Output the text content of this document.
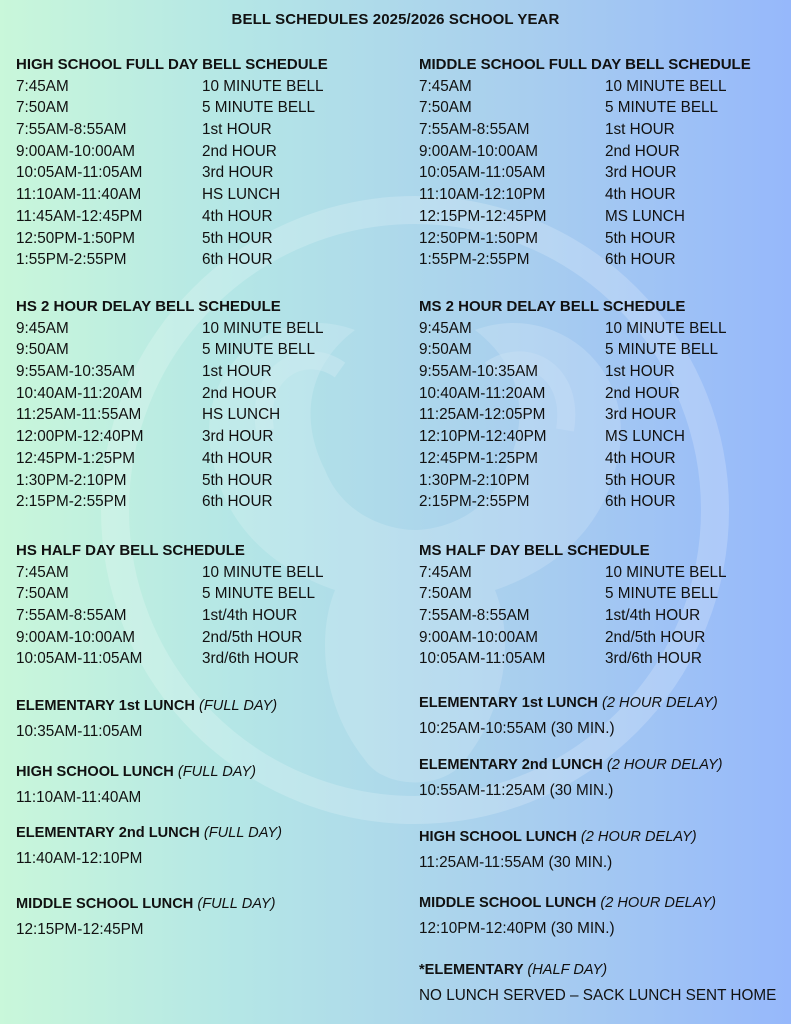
BELL SCHEDULES 2025/2026 SCHOOL YEAR
HIGH SCHOOL FULL DAY BELL SCHEDULE
7:45AM	10 MINUTE BELL
7:50AM	5 MINUTE BELL
7:55AM-8:55AM	1st HOUR
9:00AM-10:00AM	2nd HOUR
10:05AM-11:05AM	3rd HOUR
11:10AM-11:40AM	HS LUNCH
11:45AM-12:45PM	4th HOUR
12:50PM-1:50PM	5th HOUR
1:55PM-2:55PM	6th HOUR
HS 2 HOUR DELAY BELL SCHEDULE
9:45AM	10 MINUTE BELL
9:50AM	5 MINUTE BELL
9:55AM-10:35AM	1st HOUR
10:40AM-11:20AM	2nd HOUR
11:25AM-11:55AM	HS LUNCH
12:00PM-12:40PM	3rd HOUR
12:45PM-1:25PM	4th HOUR
1:30PM-2:10PM	5th HOUR
2:15PM-2:55PM	6th HOUR
HS HALF DAY BELL SCHEDULE
7:45AM	10 MINUTE BELL
7:50AM	5 MINUTE BELL
7:55AM-8:55AM	1st/4th HOUR
9:00AM-10:00AM	2nd/5th HOUR
10:05AM-11:05AM	3rd/6th HOUR
ELEMENTARY 1st LUNCH (FULL DAY)
10:35AM-11:05AM
HIGH SCHOOL LUNCH (FULL DAY)
11:10AM-11:40AM
ELEMENTARY 2nd LUNCH (FULL DAY)
11:40AM-12:10PM
MIDDLE SCHOOL LUNCH (FULL DAY)
12:15PM-12:45PM
MIDDLE SCHOOL FULL DAY BELL SCHEDULE
7:45AM	10 MINUTE BELL
7:50AM	5 MINUTE BELL
7:55AM-8:55AM	1st HOUR
9:00AM-10:00AM	2nd HOUR
10:05AM-11:05AM	3rd HOUR
11:10AM-12:10PM	4th HOUR
12:15PM-12:45PM	MS LUNCH
12:50PM-1:50PM	5th HOUR
1:55PM-2:55PM	6th HOUR
MS 2 HOUR DELAY BELL SCHEDULE
9:45AM	10 MINUTE BELL
9:50AM	5 MINUTE BELL
9:55AM-10:35AM	1st HOUR
10:40AM-11:20AM	2nd HOUR
11:25AM-12:05PM	3rd HOUR
12:10PM-12:40PM	MS LUNCH
12:45PM-1:25PM	4th HOUR
1:30PM-2:10PM	5th HOUR
2:15PM-2:55PM	6th HOUR
MS HALF DAY BELL SCHEDULE
7:45AM	10 MINUTE BELL
7:50AM	5 MINUTE BELL
7:55AM-8:55AM	1st/4th HOUR
9:00AM-10:00AM	2nd/5th HOUR
10:05AM-11:05AM	3rd/6th HOUR
ELEMENTARY 1st LUNCH (2 HOUR DELAY)
10:25AM-10:55AM (30 MIN.)
ELEMENTARY 2nd LUNCH (2 HOUR DELAY)
10:55AM-11:25AM (30 MIN.)
HIGH SCHOOL LUNCH (2 HOUR DELAY)
11:25AM-11:55AM (30 MIN.)
MIDDLE SCHOOL LUNCH (2 HOUR DELAY)
12:10PM-12:40PM (30 MIN.)
*ELEMENTARY (HALF DAY)
NO LUNCH SERVED – SACK LUNCH SENT HOME
